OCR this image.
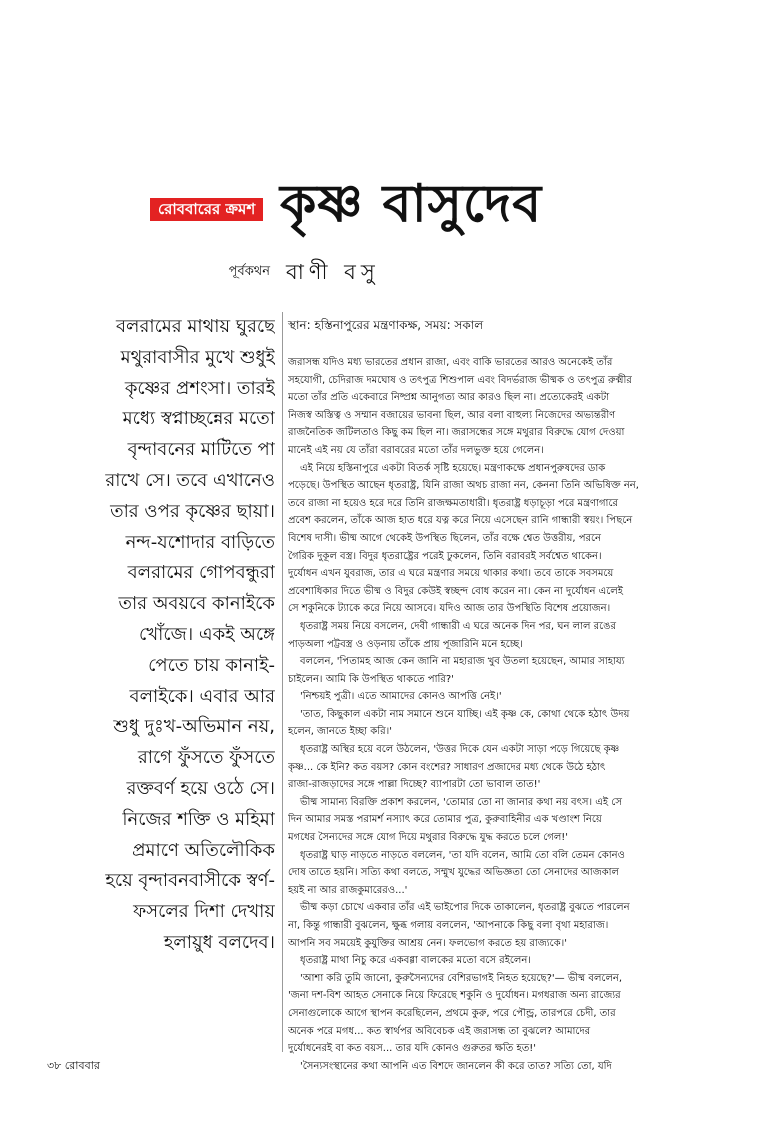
রোববারের ক্রমশ কৃষ্ণ বাসুদেব
পূর্বকথন বাণী বসু
বলরামের মাথায় ঘুরছে
মথুরাবাসীর মুখে শুধুই
কৃষ্ণের প্রশংসা। তারই
মধ্যে স্বপ্নাচ্ছন্নের মতো
বৃন্দাবনের মাটিতে পা
রাখে সে। তবে এখানেও
তার ওপর কৃষ্ণের ছায়া।
নন্দ-যশোদার বাড়িতে
বলরামের গোপবন্ধুরা
তার অবয়বে কানাইকে
খোঁজে। একই অঙ্গে
পেতে চায় কানাই-
বলাইকে। এবার আর
শুধু দুঃখ-অভিমান নয়,
রাগে ফুঁসতে ফুঁসতে
রক্তবর্ণ হয়ে ওঠে সে।
নিজের শক্তি ও মহিমা
প্রমাণে অতিলৌকিক
হয়ে বৃন্দাবনবাসীকে স্বর্ণ-
ফসলের দিশা দেখায়
হলায়ুধ বলদেব।
স্থান: হস্তিনাপুরের মন্ত্রণাকক্ষ, সময়: সকাল
জরাসন্ধ যদিও মধ্য ভারতের প্রধান রাজা, এবং বাকি ভারতের আরও অনেকেই তাঁর
সহযোগী, চেদিরাজ দমঘোষ ও তৎপুত্র শিশুপাল এবং বিদর্ভরাজ ভীষ্মক ও তৎপুত্র রুক্মীর
মতো তাঁর প্রতি একেবারে নিষ্প্রশ্ন আনুগত্য আর কারও ছিল না। প্রত্যেকেরই একটা
নিজস্ব অস্তিত্ব ও সম্মান বজায়ের ভাবনা ছিল, আর বলা বাহুল্য নিজেদের অভ্যন্তরীণ
রাজনৈতিক জটিলতাও কিছু কম ছিল না। জরাসন্ধের সঙ্গে মথুরার বিরুদ্ধে যোগ দেওয়া
মানেই এই নয় যে তাঁরা বরাবরের মতো তাঁর দলভুক্ত হয়ে গেলেন।
এই নিয়ে হস্তিনাপুরে একটা বিতর্ক সৃষ্টি হয়েছে। মন্ত্রণাকক্ষে প্রধানপুরুষদের ডাক
পড়েছে। উপস্থিত আছেন ধৃতরাষ্ট্র, যিনি রাজা অথচ রাজা নন, কেননা তিনি অভিষিক্ত নন,
তবে রাজা না হয়েও হরে দরে তিনি রাজক্ষমতাধারী। ধৃতরাষ্ট্র ধড়াচূড়া পরে মন্ত্রণাগারে
প্রবেশ করলেন, তাঁকে আজ হাত ধরে যত্ন করে নিয়ে এসেছেন রানি গান্ধারী স্বয়ং। পিছনে
বিশেষ দাসী। ভীষ্ম আগে থেকেই উপস্থিত ছিলেন, তাঁর বক্ষে শ্বেত উত্তরীয়, পরনে
গৈরিক দুকূল বস্ত্র। বিদুর ধৃতরাষ্ট্রের পরেই ঢুকলেন, তিনি বরাবরই সর্বশ্বেত থাকেন।
দুর্যোধন এখন যুবরাজ, তার এ ঘরে মন্ত্রণার সময়ে থাকার কথা। তবে তাকে সবসময়ে
প্রবেশাধিকার দিতে ভীষ্ম ও বিদুর কেউই স্বচ্ছন্দ বোধ করেন না। কেন না দুর্যোধন এলেই
সে শকুনিকে ট্যাকে করে নিয়ে আসবে। যদিও আজ তার উপস্থিতি বিশেষ প্রয়োজন।
ধৃতরাষ্ট্র সময় নিয়ে বসলেন, দেবী গান্ধারী এ ঘরে অনেক দিন পর, ঘন লাল রঙের
পাড়অলা পট্টবস্ত্র ও ওড়নায় তাঁকে প্রায় পূজারিনি মনে হচ্ছে।
বললেন, 'পিতামহ আজ কেন জানি না মহারাজ খুব উতলা হয়েছেন, আমার সাহায্য
চাইলেন। আমি কি উপস্থিত থাকতে পারি?'
'নিশ্চয়ই পুত্রী। এতে আমাদের কোনও আপত্তি নেই।'
'তাত, কিছুকাল একটা নাম সমানে শুনে যাচ্ছি। এই কৃষ্ণ কে, কোথা থেকে হঠাৎ উদয়
হলেন, জানতে ইচ্ছা করি।'
ধৃতরাষ্ট্র অস্থির হয়ে বলে উঠলেন, 'উত্তর দিকে যেন একটা সাড়া পড়ে গিয়েছে কৃষ্ণ
কৃষ্ণ... কে ইনি? কত বয়স? কোন বংশের? সাধারণ প্রজাদের মধ্য থেকে উঠে হঠাৎ
রাজা-রাজড়াদের সঙ্গে পাল্লা দিচ্ছে? ব্যাপারটা তো ভাবাল তাত!'
ভীষ্ম সামান্য বিরক্তি প্রকাশ করলেন, 'তোমার তো না জানার কথা নয় বৎস। এই সে
দিন আমার সমস্ত পরামর্শ নস্যাৎ করে তোমার পুত্র, কুরুবাহিনীর এক খণ্ডাংশ নিয়ে
মগধের সৈন্যদের সঙ্গে যোগ দিয়ে মথুরার বিরুদ্ধে যুদ্ধ করতে চলে গেল!'
ধৃতরাষ্ট্র ঘাড় নাড়তে নাড়তে বললেন, 'তা যদি বলেন, আমি তো বলি তেমন কোনও
দোষ তাতে হয়নি। সত্যি কথা বলতে, সম্মুখ যুদ্ধের অভিজ্ঞতা তো সেনাদের আজকাল
হয়ই না আর রাজকুমারেরও...'
ভীষ্ম কড়া চোখে একবার তাঁর এই ভাইপোর দিকে তাকালেন, ধৃতরাষ্ট্র বুঝতে পারলেন
না, কিন্তু গান্ধারী বুঝলেন, ক্ষুব্ধ গলায় বললেন, 'আপনাকে কিছু বলা বৃথা মহারাজ।
আপনি সব সময়েই কুযুক্তির আশ্রয় নেন। ফলভোগ করতে হয় রাজ্যকে।'
ধৃতরাষ্ট্র মাথা নিচু করে একবগ্গা বালকের মতো বসে রইলেন।
'আশা করি তুমি জানো, কুরুসৈন্যদের বেশিরভাগই নিহত হয়েছে?'— ভীষ্ম বললেন,
'জনা দশ-বিশ আহত সেনাকে নিয়ে ফিরেছে শকুনি ও দুর্যোধন। মগধরাজ অন্য রাজ্যের
সেনাগুলোকে আগে স্থাপন করেছিলেন, প্রথমে কুরু, পরে পৌন্ড্র, তারপরে চেদী, তার
অনেক পরে মগধ... কত স্বার্থপর অবিবেচক এই জরাসন্ধ তা বুঝলে? আমাদের
দুর্যোধনেরই বা কত বয়স... তার যদি কোনও গুরুতর ক্ষতি হত!'
'সৈন্যসংস্থানের কথা আপনি এত বিশদে জানলেন কী করে তাত? সত্যি তো, যদি
৩৮ রোববার
